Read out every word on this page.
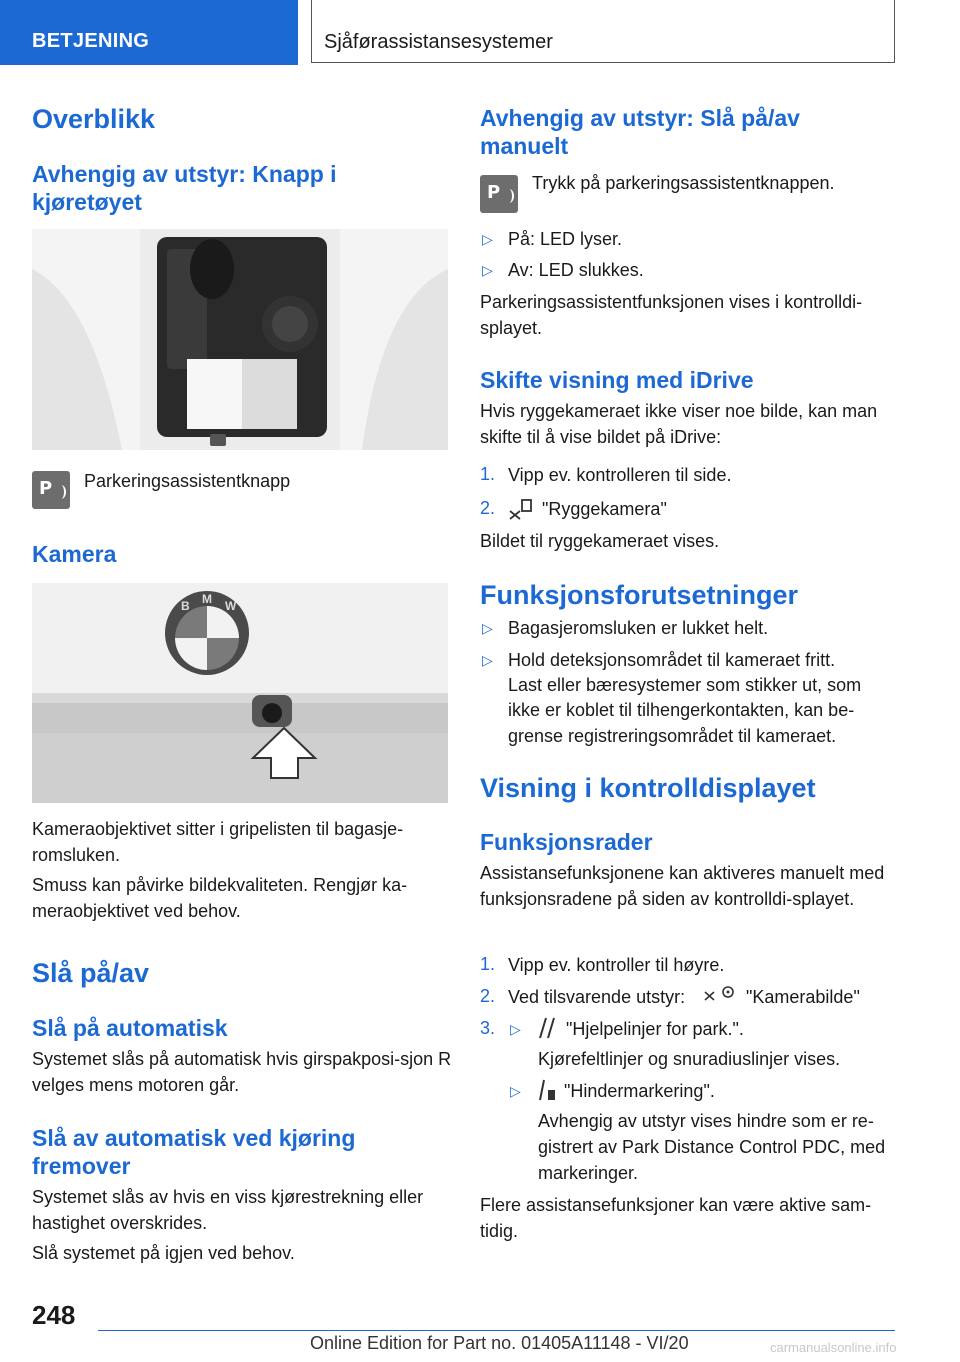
BETJENING	Sjåførassistansesystemer
Overblikk
Avhengig av utstyr: Knapp i kjøretøyet
P Parkeringsassistentknapp

Kamera
B M W

Kameraobjektivet sitter i gripelisten til bagasje-romsluken.

Smuss kan påvirke bildekvaliteten. Rengjør ka-meraobjektivet ved behov.

Slå på/av
Slå på automatisk

Systemet slås på automatisk hvis girspakposi-sjon R velges mens motoren går.

Slå av automatisk ved kjøring fremover

Systemet slås av hvis en viss kjørestrekning eller hastighet overskrides.

Slå systemet på igjen ved behov.

Avhengig av utstyr: Slå på/av manuelt
P Trykk på parkeringsassistentknappen.

▷ På: LED lyser.

▷ Av: LED slukkes.

Parkeringsassistentfunksjonen vises i kontrolldi-splayet.

Skifte visning med iDrive

Hvis ryggekameraet ikke viser noe bilde, kan man skifte til å vise bildet på iDrive:

1. Vipp ev. kontrolleren til side.

2.	"Ryggekamera"

Bildet til ryggekameraet vises.

Funksjonsforutsetninger
▷ Bagasjeromsluken er lukket helt.

▷ Hold deteksjonsområdet til kameraet fritt.

Last eller bæresystemer som stikker ut, som

ikke er koblet til tilhengerkontakten, kan be-

grense registreringsområdet til kameraet.

Visning i kontrolldisplayet
Funksjonsrader

Assistansefunksjonene kan aktiveres manuelt med funksjonsradene på siden av kontrolldi-splayet.

1. Vipp ev. kontroller til høyre.

2. Ved tilsvarende utstyr:	"Kamerabilde"

3. ▷	"Hjelpelinjer for park.".

Kjørefeltlinjer og snuradiuslinjer vises.

▷ "Hindermarkering".

Avhengig av utstyr vises hindre som er re-gistrert av Park Distance Control PDC, med markeringer.

Flere assistansefunksjoner kan være aktive sam-tidig.

248
Online Edition for Part no. 01405A11148 - VI/20	carmanualsonline.info
